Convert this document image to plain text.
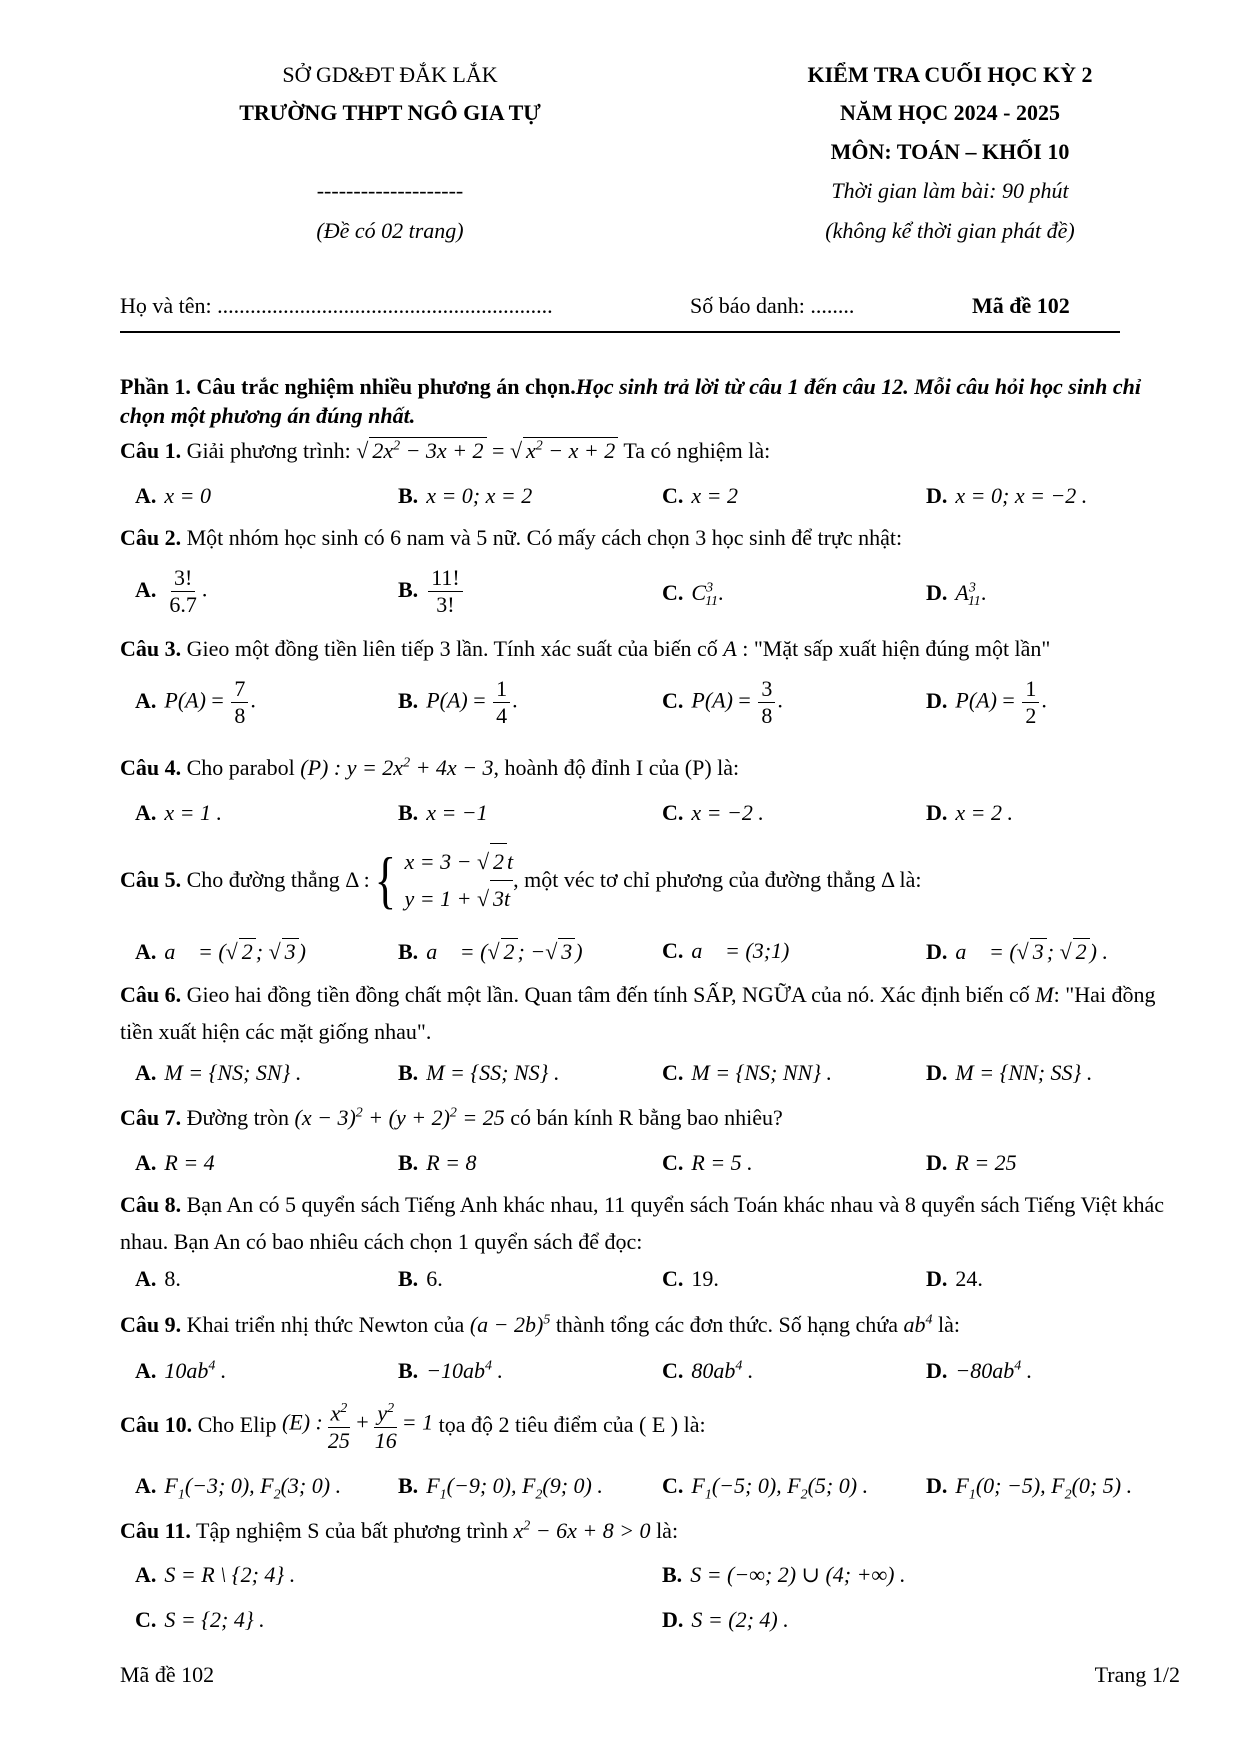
SỞ GD&ĐT ĐẮK LẮK
TRƯỜNG THPT NGÔ GIA TỰ
--------------------
(Đề có 02 trang)
KIỂM TRA CUỐI HỌC KỲ 2
NĂM HỌC 2024 - 2025
MÔN: TOÁN – KHỐI 10
Thời gian làm bài: 90 phút
(không kể thời gian phát đề)
Họ và tên: .............................................................	Số báo danh: ........	Mã đề 102
Phần 1. Câu trắc nghiệm nhiều phương án chọn.Học sinh trả lời từ câu 1 đến câu 12. Mỗi câu hỏi học sinh chỉ chọn một phương án đúng nhất.
Câu 1. Giải phương trình: √ $2x^2 - 3x + 2$ = √ $x^2 - x + 2$ Ta có nghiệm là:
A. x = 0	B. x = 0; x = 2	C. x = 2	D. x = 0; x = −2 .
Câu 2. Một nhóm học sinh có 6 nam và 5 nữ. Có mấy cách chọn 3 học sinh để trực nhật:
A. $\frac{3!}{6.7}$ .	B. $\frac{11!}{3!}$	C. $C^3_{11}$.	D. $A^3_{11}$.
Câu 3. Gieo một đồng tiền liên tiếp 3 lần. Tính xác suất của biến cố A : "Mặt sấp xuất hiện đúng một lần"
A. $P(A) = \frac{7}{8}$ .	B. $P(A) = \frac{1}{4}$ .	C. $P(A) = \frac{3}{8}$ .	D. $P(A) = \frac{1}{2}$ .
Câu 4. Cho parabol (P) : $y = 2x^2 + 4x - 3$, hoành độ đỉnh I của (P) là:
A. x = 1 .	B. x = −1	C. x = −2 .	D. x = 2 .
Câu 5.
Cho đường thẳng
Δ : { x = 3 − √ 2 t
y = 1 + √ 3t
, một véc tơ chỉ phương của đường thẳng Δ là:
A. a⃗ = (√ 2 ; √ 3 )	B. a⃗ = (√ 2 ; −√ 3 )	C. a⃗ = (3;1)	D. a⃗ = (√ 3 ; √ 2 ) .
Câu 6. Gieo hai đồng tiền đồng chất một lần. Quan tâm đến tính SẤP, NGỮA của nó. Xác định biến cố M: "Hai đồng tiền xuất hiện các mặt giống nhau".
A. M = {NS; SN} .	B. M = {SS; NS} .	C. M = {NS; NN} .	D. M = {NN; SS} .
Câu 7. Đường tròn $(x - 3)^2 + (y + 2)^2 = 25$ có bán kính R bằng bao nhiêu?
A. R = 4	B. R = 8	C. R = 5 .	D. R = 25
Câu 8. Bạn An có 5 quyển sách Tiếng Anh khác nhau, 11 quyển sách Toán khác nhau và 8 quyển sách Tiếng Việt khác nhau. Bạn An có bao nhiêu cách chọn 1 quyển sách để đọc:
A. 8.	B. 6.	C. 19.	D. 24.
Câu 9. Khai triển nhị thức Newton của $(a - 2b)^5$ thành tổng các đơn thức. Số hạng chứa $ab^4$ là:
A. $10ab^4$ .	B. $-10ab^4$ .	C. $80ab^4$ .	D. $-80ab^4$ .
Câu 10.
Cho Elip
(E) : $\frac{x^2}{25} + \frac{y^2}{16} = 1$
tọa độ 2 tiêu điểm của ( E ) là:
A. $F_1(-3$; 0), $F_2(3$; 0) .	B. $F_1(-9$; 0), $F_2(9$; 0) .	C. $F_1(-5$; 0), $F_2(5$; 0) .	D. $F_1(0$; −5), $F_2(0$; 5) .
Câu 11. Tập nghiệm S của bất phương trình $x^2 - 6x + 8 > 0$ là:
A. S = R \ {2; 4} .	B. S = (−∞; 2) ∪ (4; +∞) .
C. S = {2; 4} .	D. S = (2; 4) .
Mã đề 102	Trang 1/2
